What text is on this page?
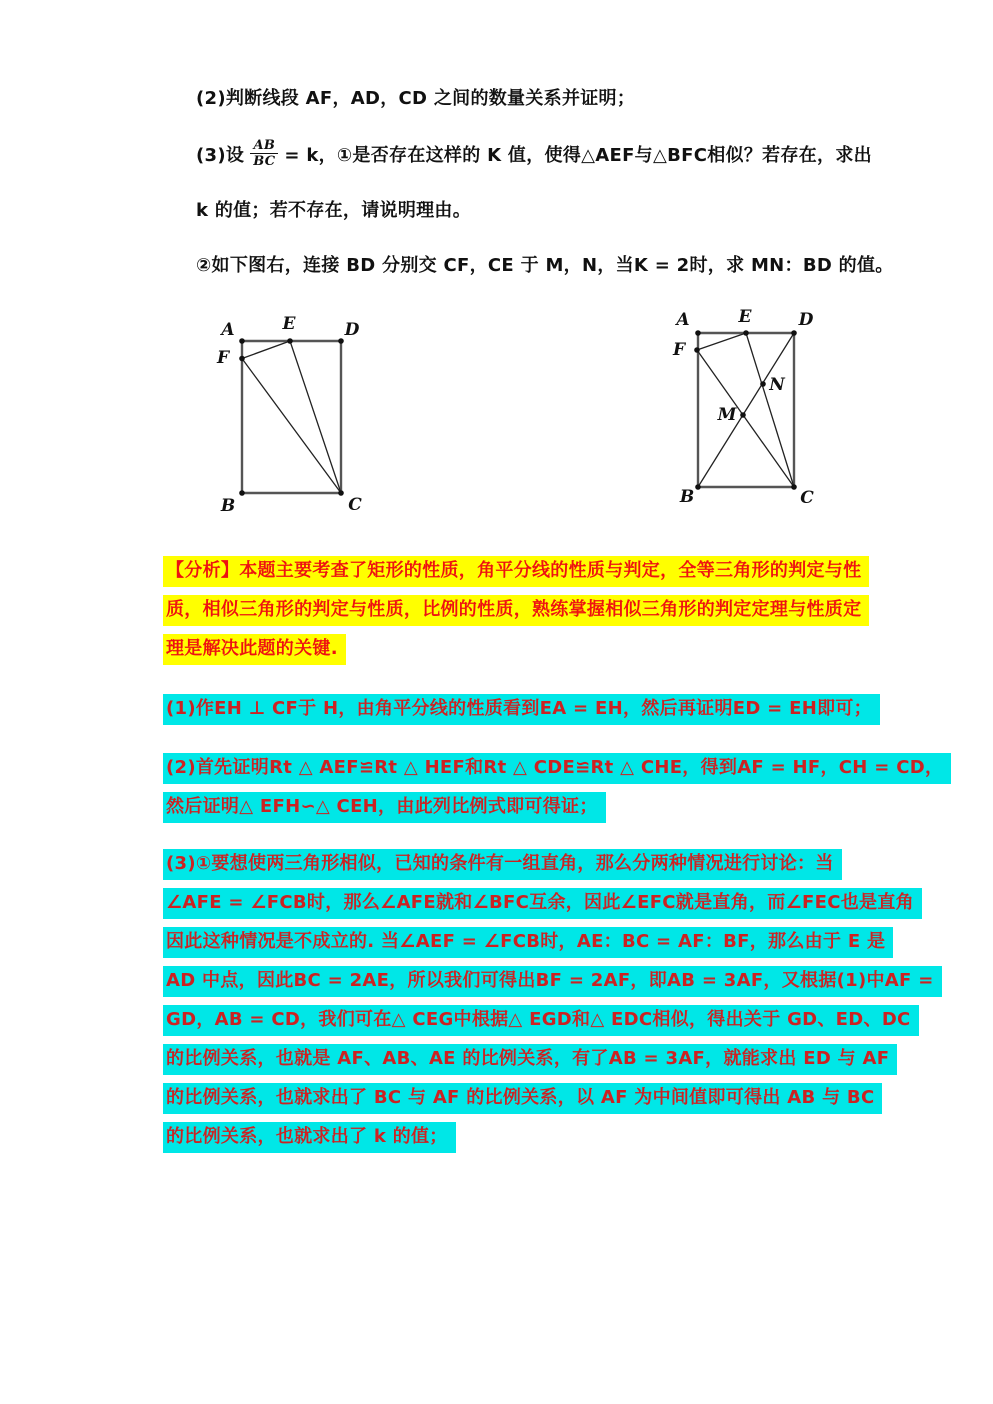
(2)判断线段 AF，AD，CD 之间的数量关系并证明；
(3)设 $\frac{AB}{BC} = k$，①是否存在这样的 K 值，使得△AEF与△BFC相似？若存在，求出
k 的值；若不存在，请说明理由。
②如下图右，连接 BD 分别交 CF，CE 于 M，N，当K = 2时，求 MN：BD 的值。
A	E	D
F
B	C
A	E	D
F
B	C
M
N
【分析】本题主要考查了矩形的性质，角平分线的性质与判定，全等三角形的判定与性
质，相似三角形的判定与性质，比例的性质，熟练掌握相似三角形的判定定理与性质定
理是解决此题的关键.
(1)作EH ⊥ CF于 H，由角平分线的性质看到EA = EH，然后再证明ED = EH即可；
(2)首先证明Rt △ AEF≌Rt △ HEF和Rt △ CDE≌Rt △ CHE，得到AF = HF，CH = CD，
然后证明△ EFH∽△ CEH，由此列比例式即可得证；
(3)①要想使两三角形相似，已知的条件有一组直角，那么分两种情况进行讨论：当
∠AFE = ∠FCB时，那么∠AFE就和∠BFC互余，因此∠EFC就是直角，而∠FEC也是直角
因此这种情况是不成立的. 当∠AEF = ∠FCB时，AE：BC = AF：BF，那么由于 E 是
AD 中点，因此BC = 2AE，所以我们可得出BF = 2AF，即AB = 3AF，又根据(1)中AF =
GD，AB = CD，我们可在△ CEG中根据△ EGD和△ EDC相似，得出关于 GD、ED、DC
的比例关系，也就是 AF、AB、AE 的比例关系，有了AB = 3AF，就能求出 ED 与 AF
的比例关系，也就求出了 BC 与 AF 的比例关系，以 AF 为中间值即可得出 AB 与 BC
的比例关系，也就求出了 k 的值；
